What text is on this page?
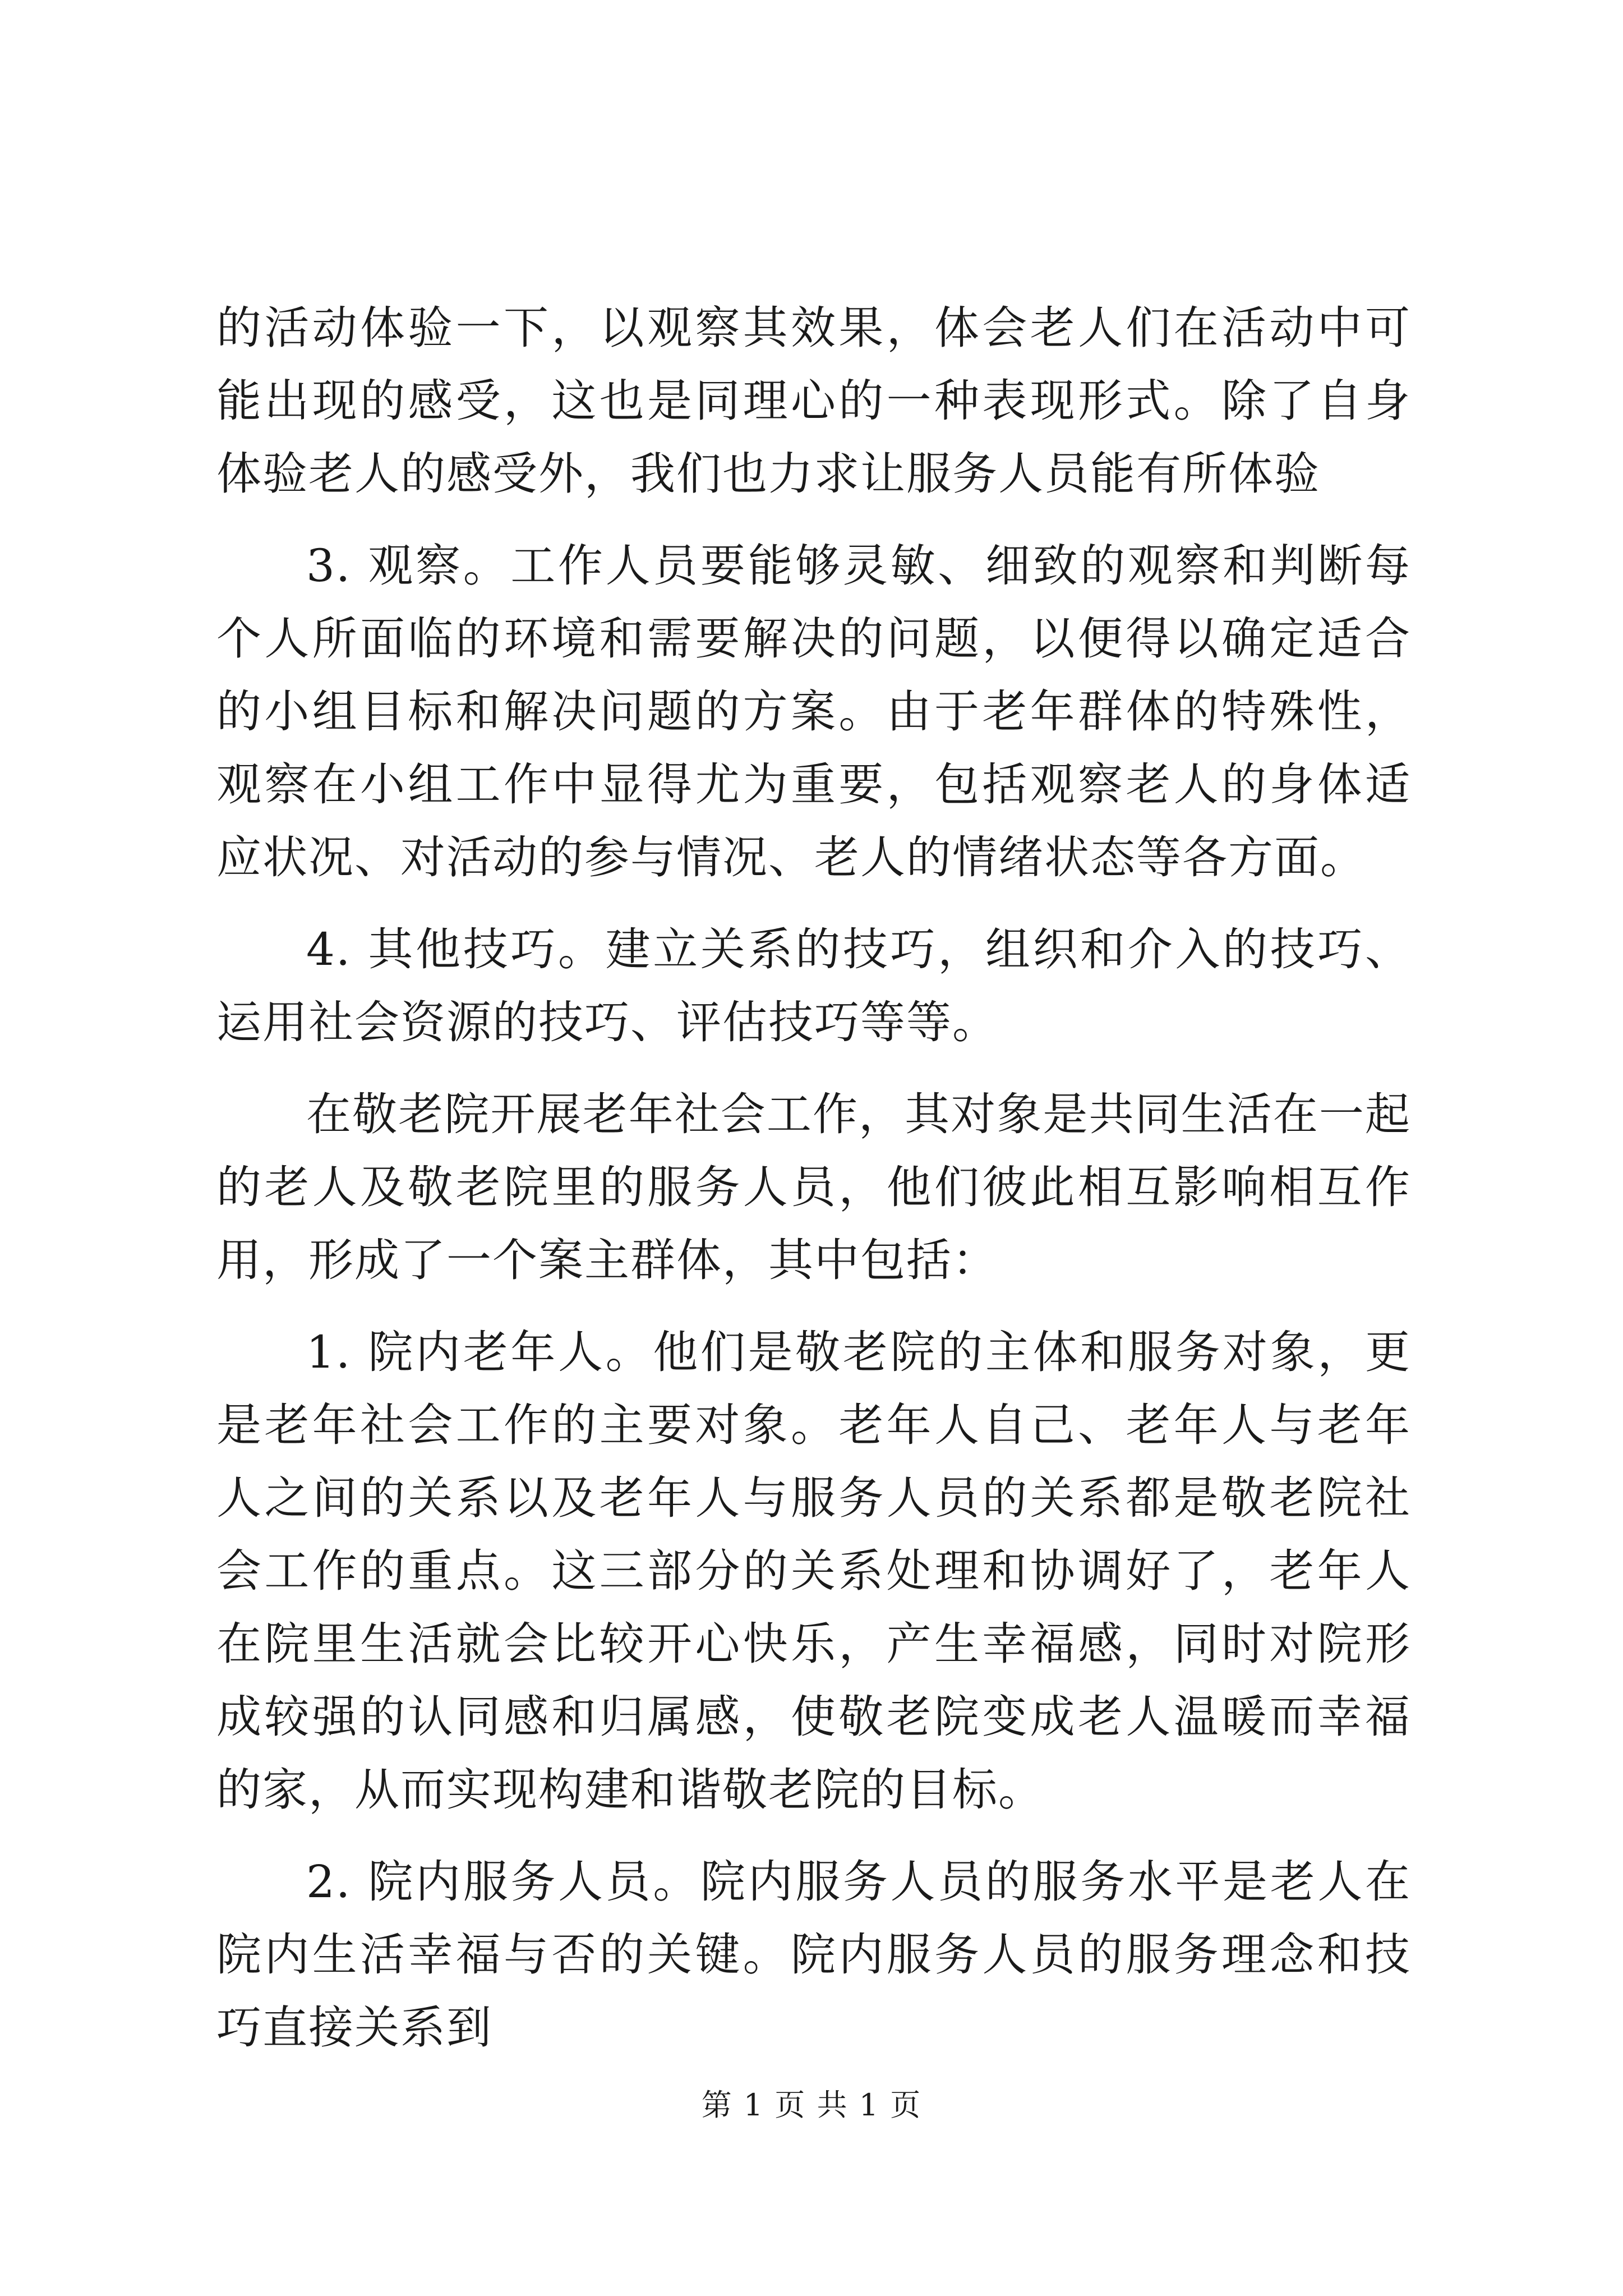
的活动体验一下，以观察其效果，体会老人们在活动中可能出现的感受，这也是同理心的一种表现形式。除了自身体验老人的感受外，我们也力求让服务人员能有所体验

3. 观察。工作人员要能够灵敏、细致的观察和判断每个人所面临的环境和需要解决的问题，以便得以确定适合的小组目标和解决问题的方案。由于老年群体的特殊性，观察在小组工作中显得尤为重要，包括观察老人的身体适应状况、对活动的参与情况、老人的情绪状态等各方面。

4. 其他技巧。建立关系的技巧，组织和介入的技巧、运用社会资源的技巧、评估技巧等等。

在敬老院开展老年社会工作，其对象是共同生活在一起的老人及敬老院里的服务人员，他们彼此相互影响相互作用，形成了一个案主群体，其中包括：

1. 院内老年人。他们是敬老院的主体和服务对象，更是老年社会工作的主要对象。老年人自己、老年人与老年人之间的关系以及老年人与服务人员的关系都是敬老院社会工作的重点。这三部分的关系处理和协调好了，老年人在院里生活就会比较开心快乐，产生幸福感，同时对院形成较强的认同感和归属感，使敬老院变成老人温暖而幸福的家，从而实现构建和谐敬老院的目标。

2. 院内服务人员。院内服务人员的服务水平是老人在院内生活幸福与否的关键。院内服务人员的服务理念和技巧直接关系到

第 1 页 共 1 页
